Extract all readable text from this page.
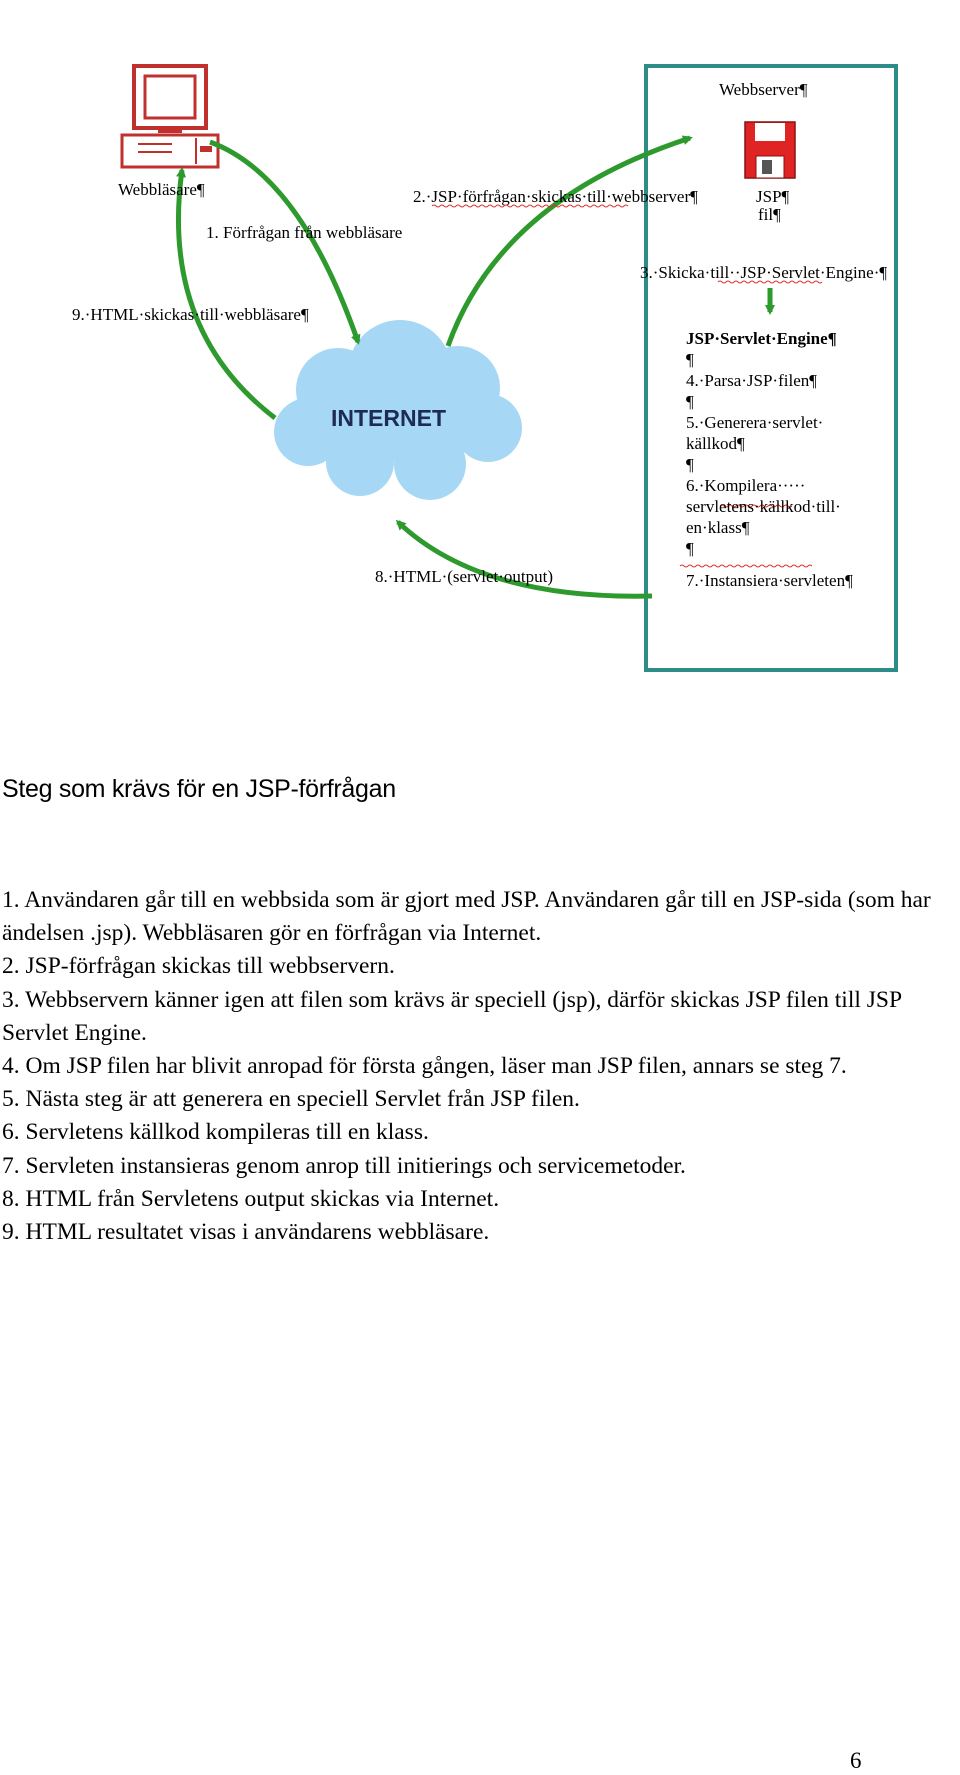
INTERNET
Webbserver¶
Webbläsare¶	JSP¶
fil¶
1. Förfrågan från webbläsare
2.·JSP·förfrågan·skickas·till·webbserver¶
3.·Skicka·till··JSP·Servlet·Engine·¶
8.·HTML·(servlet·output)
9.·HTML·skickas·till·webbläsare¶
JSP·Servlet·Engine¶
¶
4.·Parsa·JSP·filen¶
¶
5.·Generera·servlet·
källkod¶
¶
6.·Kompilera·····
servletens·källkod·till·
en·klass¶
¶
7.·Instansiera·servleten¶
Steg som krävs för en JSP-förfrågan
1. Användaren går till en webbsida som är gjort med JSP. Användaren går till en JSP-sida (som har ändelsen .jsp). Webbläsaren gör en förfrågan via Internet.
2. JSP-förfrågan skickas till webbservern.
3. Webbservern känner igen att filen som krävs är speciell (jsp), därför skickas JSP filen till JSP Servlet Engine.
4. Om JSP filen har blivit anropad för första gången, läser man JSP filen, annars se steg 7.
5. Nästa steg är att generera en speciell Servlet från JSP filen.
6. Servletens källkod kompileras till en klass.
7. Servleten instansieras genom anrop till initierings och servicemetoder.
8. HTML från Servletens output skickas via Internet.
9. HTML resultatet visas i användarens webbläsare.
6
